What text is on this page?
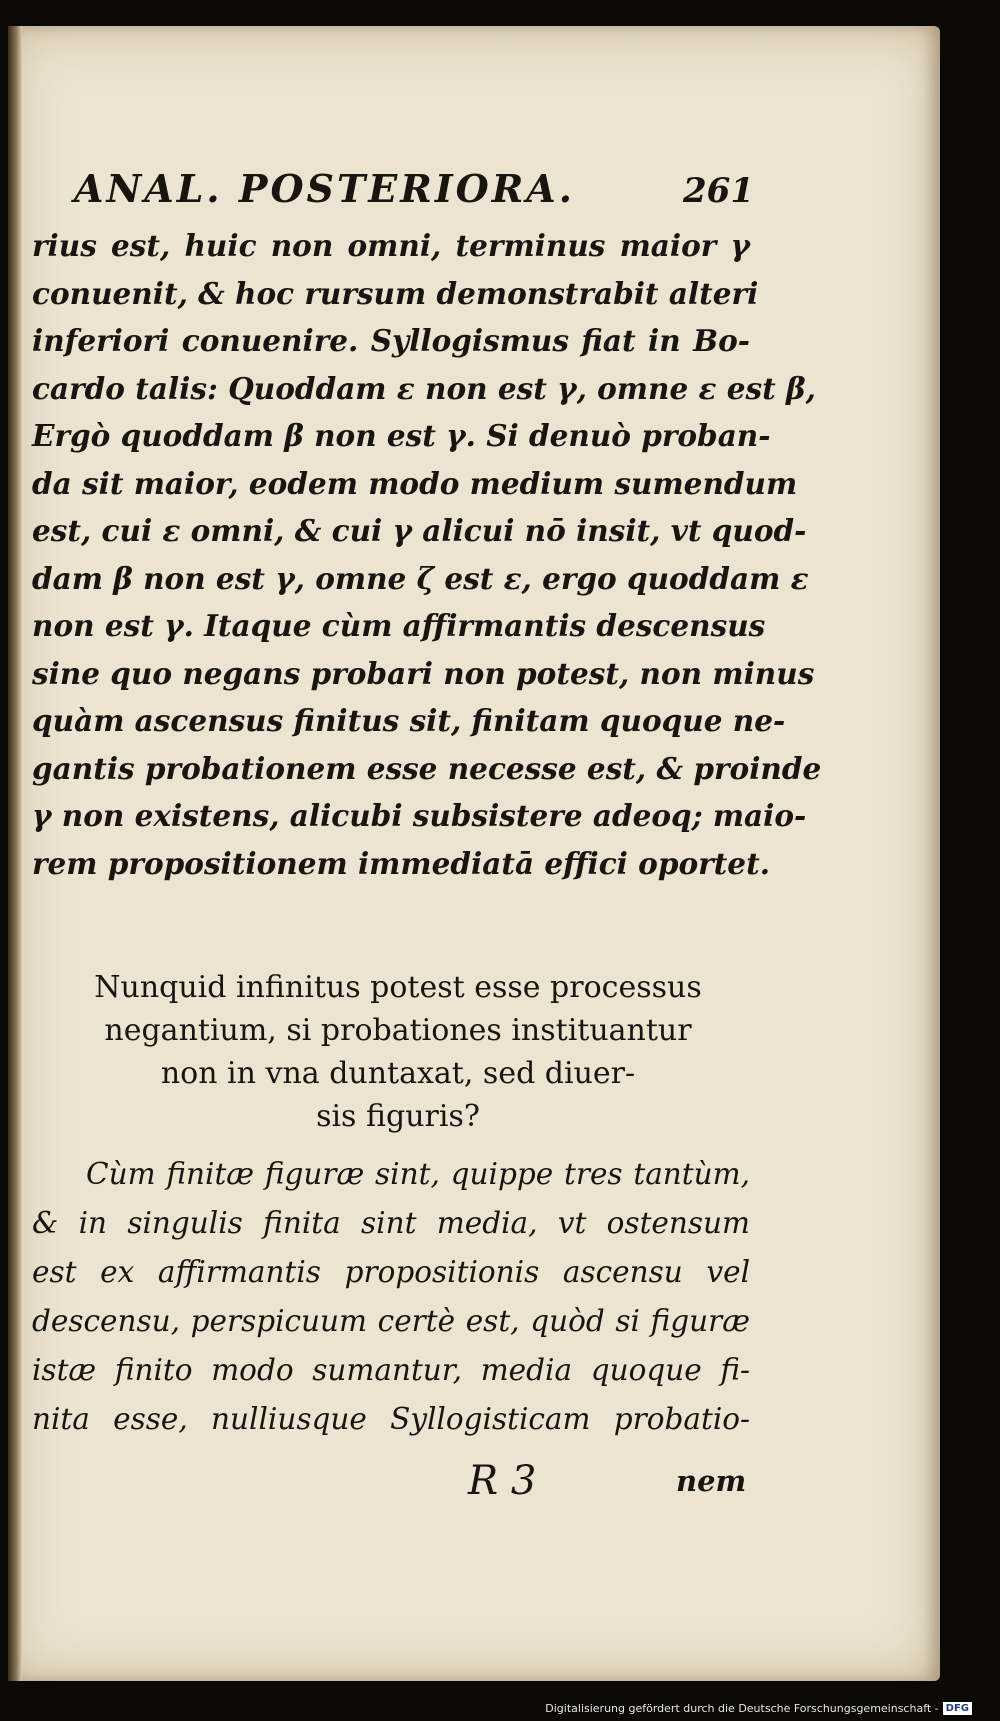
ANAL. POSTERIORA.	261

rius est, huic non omni, terminus maior γ
conuenit, & hoc rursum demonstrabit alteri
inferiori conuenire. Syllogismus fiat in Bo-
cardo talis: Quoddam ε non est γ, omne ε est β,
Ergò quoddam β non est γ. Si denuò proban-
da sit maior, eodem modo medium sumendum
est, cui ε omni, & cui γ alicui nō insit, vt quod-
dam β non est γ, omne ζ est ε, ergo quoddam ε
non est γ. Itaque cùm affirmantis descensus
sine quo negans probari non potest, non minus
quàm ascensus finitus sit, finitam quoque ne-
gantis probationem esse necesse est, & proinde
γ non existens, alicubi subsistere adeoq; maio-
rem propositionem immediatā effici oportet.

Nunquid infinitus potest esse processus
negantium, si probationes instituantur
non in vna duntaxat, sed diuer-
sis figuris?

Cùm finitæ figuræ sint, quippe tres tantùm,
& in singulis finita sint media, vt ostensum
est ex affirmantis propositionis ascensu vel
descensu, perspicuum certè est, quòd si figuræ
istæ finito modo sumantur, media quoque fi-
nita esse, nulliusque Syllogisticam probatio-

R 3	nem
Digitalisierung gefördert durch die Deutsche Forschungsgemeinschaft - DFG
